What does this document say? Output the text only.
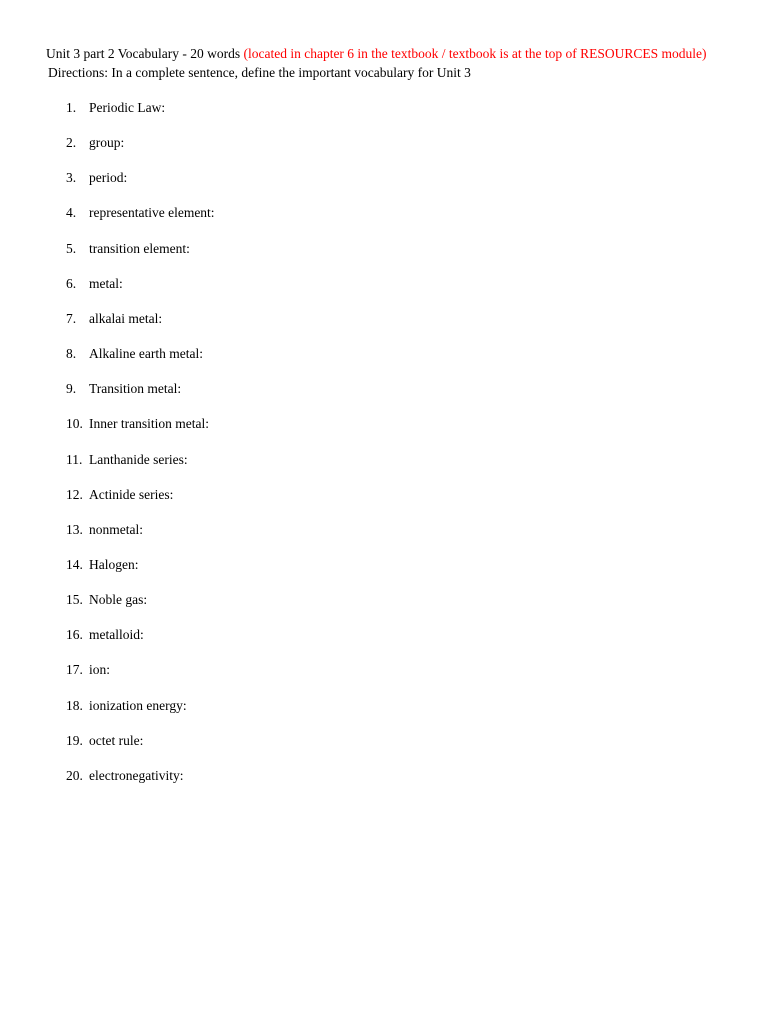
Unit 3 part 2 Vocabulary - 20 words (located in chapter 6 in the textbook / textbook is at the top of RESOURCES module)
Directions: In a complete sentence, define the important vocabulary for Unit 3
1. Periodic Law:
2. group:
3. period:
4. representative element:
5. transition element:
6. metal:
7. alkalai metal:
8. Alkaline earth metal:
9. Transition metal:
10. Inner transition metal:
11. Lanthanide series:
12. Actinide series:
13. nonmetal:
14. Halogen:
15. Noble gas:
16. metalloid:
17. ion:
18. ionization energy:
19. octet rule:
20. electronegativity:
